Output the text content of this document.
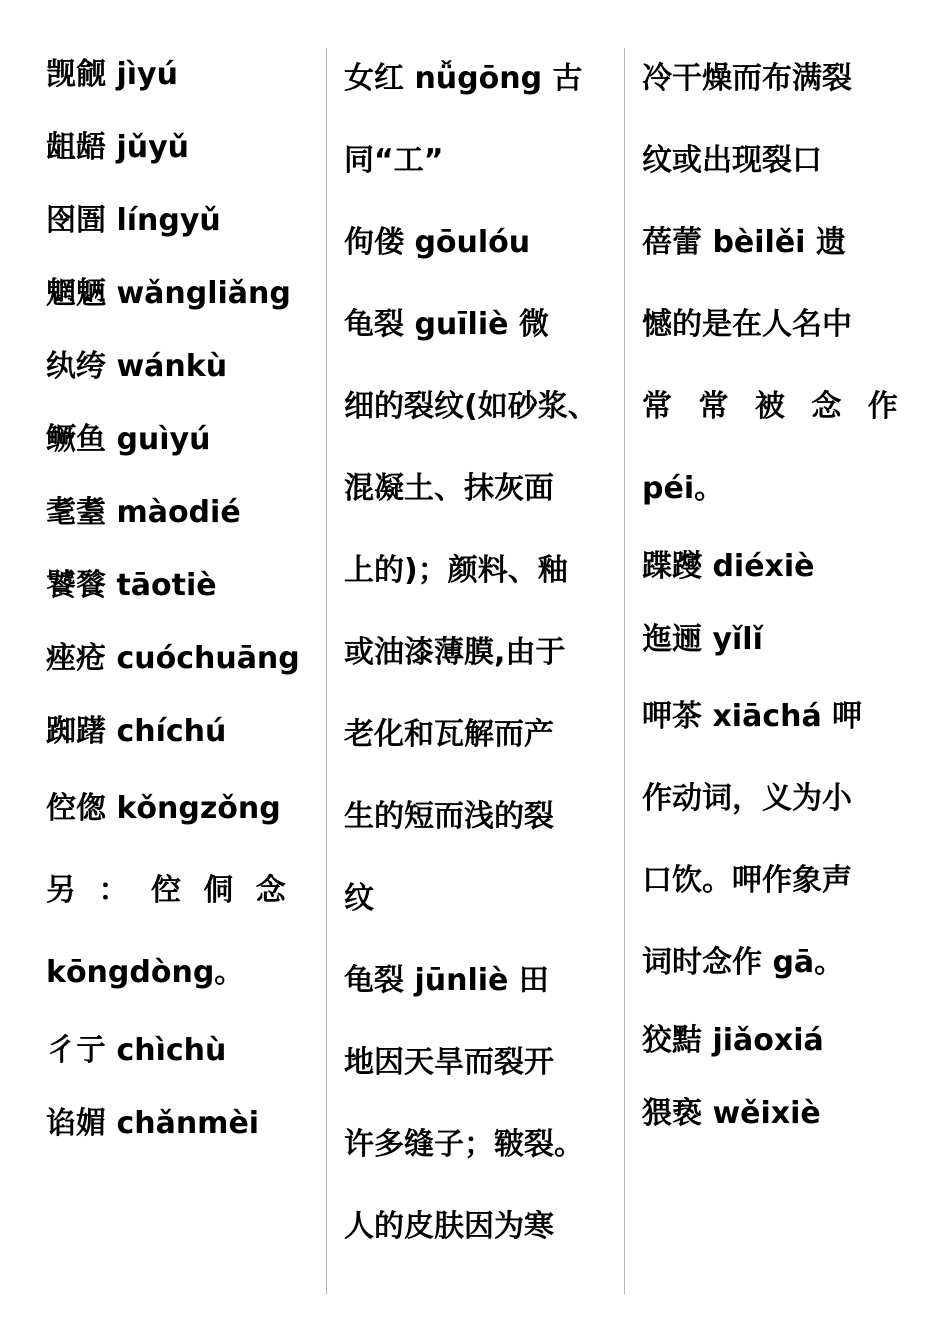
觊觎 jìyú
龃龉 jǔyǔ
囹圄 língyǔ
魍魉 wǎngliǎng
纨绔 wánkù
鳜鱼 guìyú
耄耋 màodié
饕餮 tāotiè
痤疮 cuóchuāng
踟躇 chíchú
倥偬 kǒngzǒng
另 ： 倥 侗 念
kōngdòng。
彳亍 chìchù
谄媚 chǎnmèi
女红 nǚgōng 古
同“工”
佝偻 gōulóu
龟裂 guīliè 微
细的裂纹(如砂浆、
混凝土、抹灰面
上的)；颜料、釉
或油漆薄膜,由于
老化和瓦解而产
生的短而浅的裂
纹
龟裂 jūnliè 田
地因天旱而裂开
许多缝子；皲裂。
人的皮肤因为寒
冷干燥而布满裂
纹或出现裂口
蓓蕾 bèilěi 遗
憾的是在人名中
常 常 被 念 作
péi。
蹀躞 diéxiè
迤逦 yǐlǐ
呷茶 xiāchá 呷
作动词，义为小
口饮。呷作象声
词时念作 gā。
狡黠 jiǎoxiá
猥亵 wěixiè
